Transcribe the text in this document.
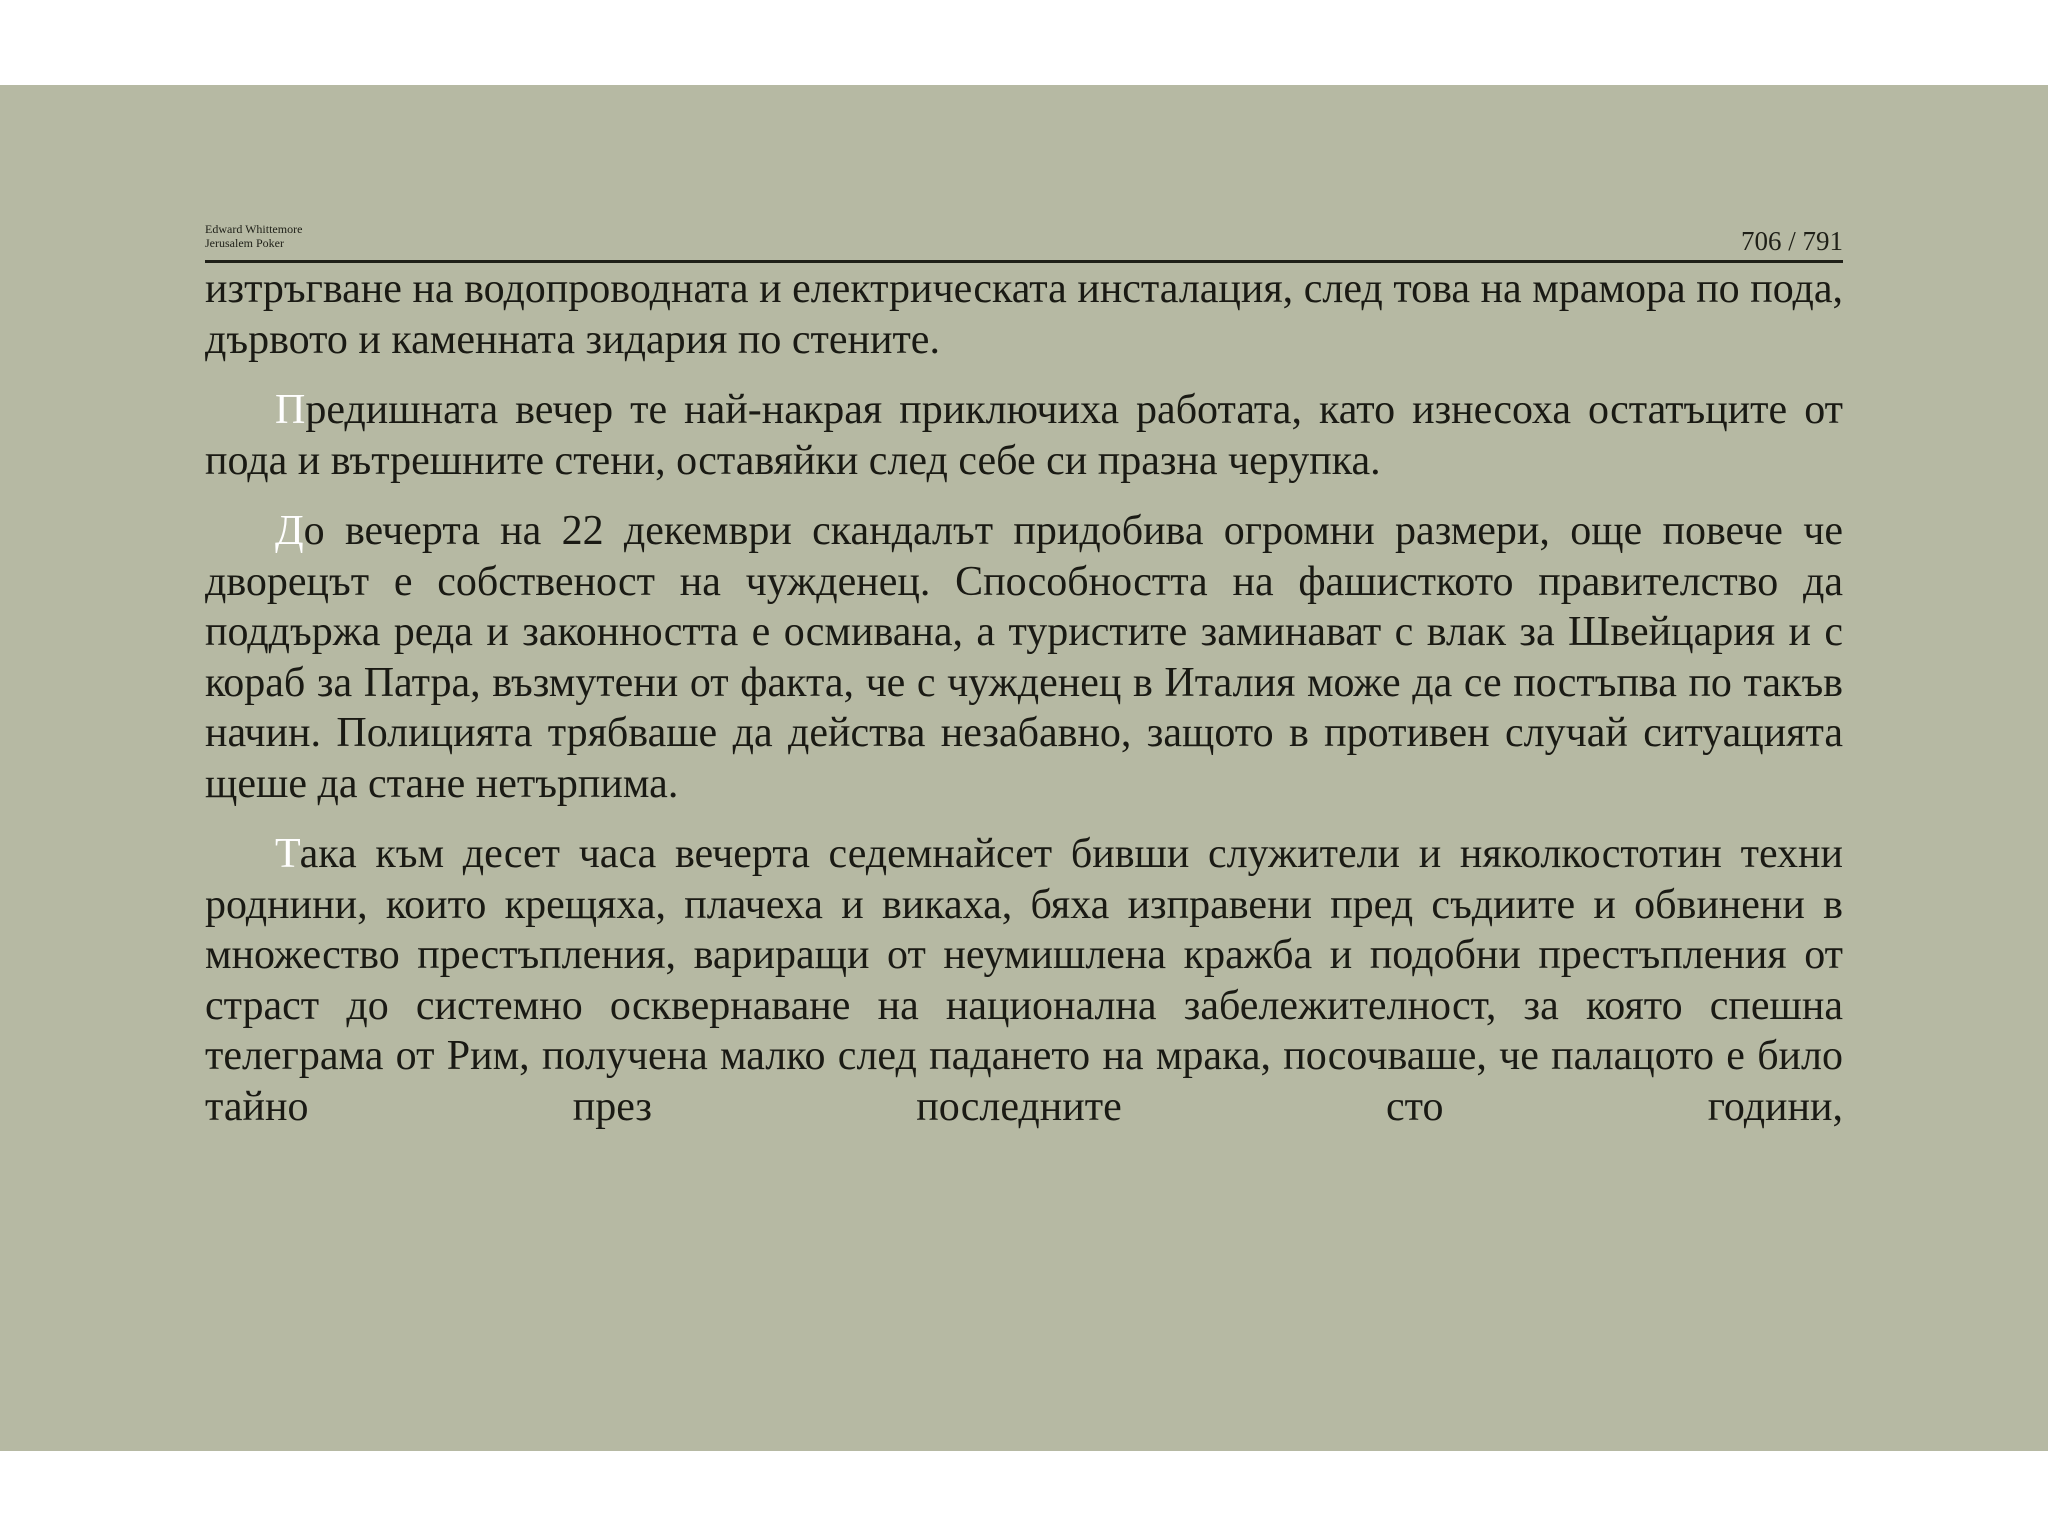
Edward Whittemore
Jerusalem Poker	706 / 791

изтръгване на водопроводната и електрическата инсталация, след това на мрамора по пода, дървото и каменната зидария по стените.

Предишната вечер те най-накрая приключиха работата, като изнесоха остатъците от пода и вътрешните стени, оставяйки след себе си празна черупка.

До вечерта на 22 декември скандалът придобива огромни размери, още повече че дворецът е собственост на чужденец. Способността на фашисткото правителство да поддържа реда и законността е осмивана, а туристите заминават с влак за Швейцария и с кораб за Патра, възмутени от факта, че с чужденец в Италия може да се постъпва по такъв начин. Полицията трябваше да действа незабавно, защото в противен случай ситуацията щеше да стане нетърпима.

Така към десет часа вечерта седемнайсет бивши служители и няколкостотин техни роднини, които крещяха, плачеха и викаха, бяха изправени пред съдиите и обвинени в множество престъпления, вариращи от неумишлена кражба и подобни престъпления от страст до системно осквернаване на национална забележителност, за която спешна телеграма от Рим, получена малко след падането на мрака, посочваше, че палацото е било тайно през последните сто години,
